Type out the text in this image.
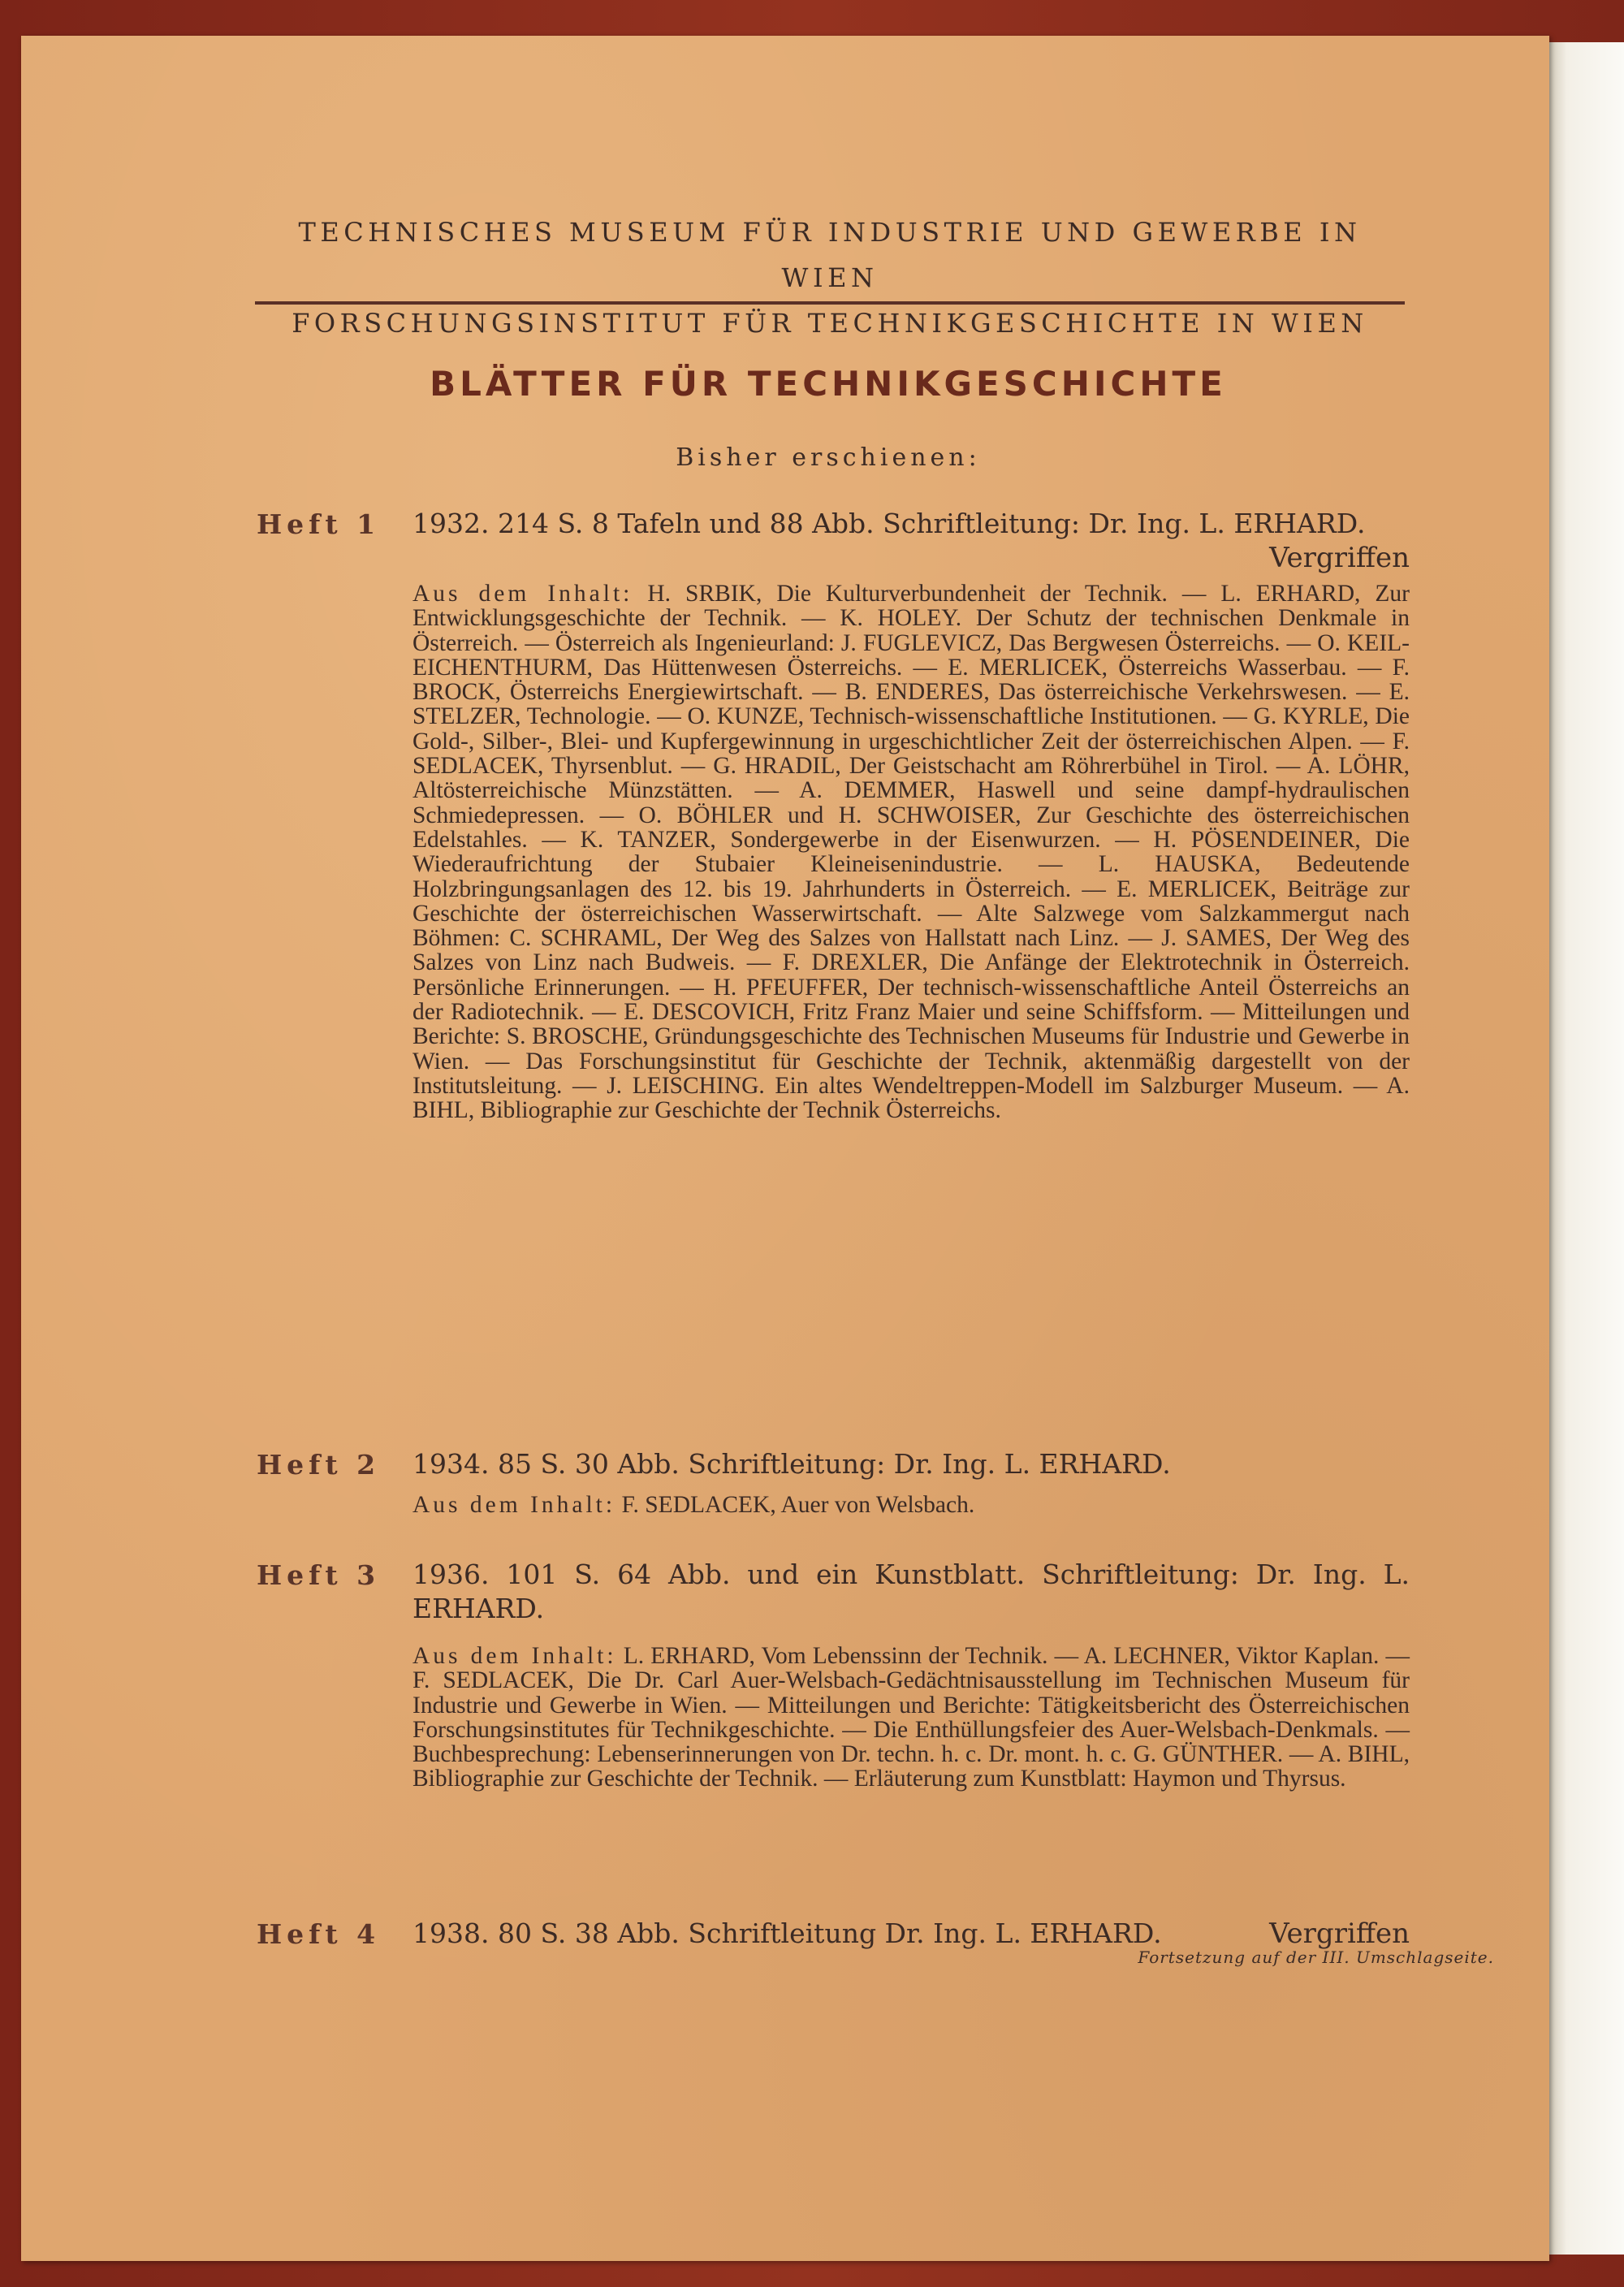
TECHNISCHES MUSEUM FÜR INDUSTRIE UND GEWERBE IN WIEN
FORSCHUNGSINSTITUT FÜR TECHNIKGESCHICHTE IN WIEN
BLÄTTER FÜR TECHNIKGESCHICHTE
Bisher erschienen:
Heft 1 1932. 214 S. 8 Tafeln und 88 Abb. Schriftleitung: Dr. Ing. L. ERHARD.
Vergriffen
Aus dem Inhalt: H. SRBIK, Die Kulturverbundenheit der Technik. — L. ERHARD, Zur Entwicklungsgeschichte der Technik. — K. HOLEY. Der Schutz der technischen Denkmale in Österreich. — Österreich als Ingenieurland: J. FUGLEVICZ, Das Bergwesen Österreichs. — O. KEIL-EICHENTHURM, Das Hüttenwesen Österreichs. — E. MERLICEK, Österreichs Wasserbau. — F. BROCK, Österreichs Energiewirtschaft. — B. ENDERES, Das österreichische Verkehrswesen. — E. STELZER, Technologie. — O. KUNZE, Technisch-wissenschaftliche Institutionen. — G. KYRLE, Die Gold-, Silber-, Blei- und Kupfergewinnung in urgeschichtlicher Zeit der österreichischen Alpen. — F. SEDLACEK, Thyrsenblut. — G. HRADIL, Der Geistschacht am Röhrerbühel in Tirol. — A. LÖHR, Altösterreichische Münzstätten. — A. DEMMER, Haswell und seine dampf-hydraulischen Schmiedepressen. — O. BÖHLER und H. SCHWOISER, Zur Geschichte des österreichischen Edelstahles. — K. TANZER, Sondergewerbe in der Eisenwurzen. — H. PÖSENDEINER, Die Wiederaufrichtung der Stubaier Kleineisenindustrie. — L. HAUSKA, Bedeutende Holzbringungsanlagen des 12. bis 19. Jahrhunderts in Österreich. — E. MERLICEK, Beiträge zur Geschichte der österreichischen Wasserwirtschaft. — Alte Salzwege vom Salzkammergut nach Böhmen: C. SCHRAML, Der Weg des Salzes von Hallstatt nach Linz. — J. SAMES, Der Weg des Salzes von Linz nach Budweis. — F. DREXLER, Die Anfänge der Elektrotechnik in Österreich. Persönliche Erinnerungen. — H. PFEUFFER, Der technisch-wissenschaftliche Anteil Österreichs an der Radiotechnik. — E. DESCOVICH, Fritz Franz Maier und seine Schiffsform. — Mitteilungen und Berichte: S. BROSCHE, Gründungsgeschichte des Technischen Museums für Industrie und Gewerbe in Wien. — Das Forschungsinstitut für Geschichte der Technik, aktenmäßig dargestellt von der Institutsleitung. — J. LEISCHING. Ein altes Wendeltreppen-Modell im Salzburger Museum. — A. BIHL, Bibliographie zur Geschichte der Technik Österreichs.
Heft 2 1934. 85 S. 30 Abb. Schriftleitung: Dr. Ing. L. ERHARD.
Aus dem Inhalt: F. SEDLACEK, Auer von Welsbach.
Heft 3 1936. 101 S. 64 Abb. und ein Kunstblatt. Schriftleitung: Dr. Ing. L. ERHARD.
Aus dem Inhalt: L. ERHARD, Vom Lebenssinn der Technik. — A. LECHNER, Viktor Kaplan. — F. SEDLACEK, Die Dr. Carl Auer-Welsbach-Gedächtnisausstellung im Technischen Museum für Industrie und Gewerbe in Wien. — Mitteilungen und Berichte: Tätigkeitsbericht des Österreichischen Forschungsinstitutes für Technikgeschichte. — Die Enthüllungsfeier des Auer-Welsbach-Denkmals. — Buchbesprechung: Lebenserinnerungen von Dr. techn. h. c. Dr. mont. h. c. G. GÜNTHER. — A. BIHL, Bibliographie zur Geschichte der Technik. — Erläuterung zum Kunstblatt: Haymon und Thyrsus.
Heft 4 1938. 80 S. 38 Abb. Schriftleitung Dr. Ing. L. ERHARD.	Vergriffen
Fortsetzung auf der III. Umschlagseite.
